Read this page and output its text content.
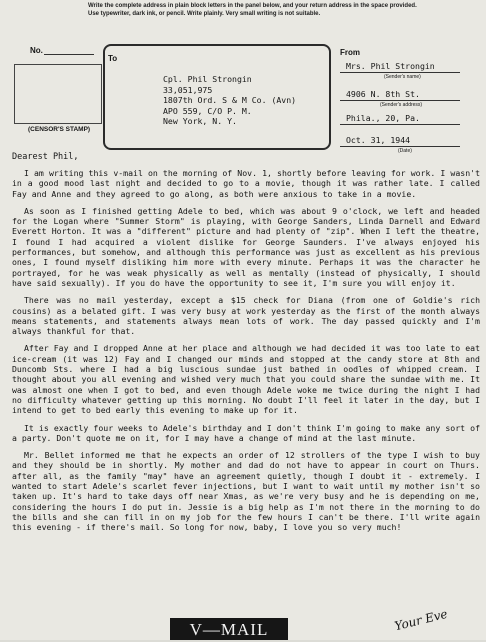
Write the complete address in plain block letters in the panel below, and your return address in the space provided. Use typewriter, dark ink, or pencil. Write plainly. Very small writing is not suitable.
No.
(CENSOR'S STAMP)
To
Cpl. Phil Strongin
33,051,975
1807th Ord. S & M Co. (Avn)
APO 559, C/O P. M.
New York, N. Y.
From
Mrs. Phil Strongin
(Sender's name)
4906 N. 8th St.
(Sender's address)
Phila., 20, Pa.
Oct. 31, 1944
(Date)
Dearest Phil,

I am writing this v-mail on the morning of Nov. 1, shortly before leaving for work. I wasn't in a good mood last night and decided to go to a movie, though it was rather late. I called Fay and Anne and they agreed to go along, as both were anxious to take in a movie.

As soon as I finished getting Adele to bed, which was about 9 o'clock, we left and headed for the Logan where "Summer Storm" is playing, with George Sanders, Linda Darnell and Edward Everett Horton. It was a "different" picture and had plenty of "zip". When I left the theatre, I found I had acquired a violent dislike for George Saunders. I've always enjoyed his performances, but somehow, and although this performance was just as excellent as his previous ones, I found myself disliking him more with every minute. Perhaps it was the character he portrayed, for he was weak physically as well as mentally (instead of physically, I should have said sexually). If you do have the opportunity to see it, I'm sure you will enjoy it.

There was no mail yesterday, except a $15 check for Diana (from one of Goldie's rich cousins) as a belated gift. I was very busy at work yesterday as the first of the month always means statements, and statements always mean lots of work. The day passed quickly and I'm always thankful for that.

After Fay and I dropped Anne at her place and although we had decided it was too late to eat ice-cream (it was 12) Fay and I changed our minds and stopped at the candy store at 8th and Duncomb Sts. where I had a big luscious sundae just bathed in oodles of whipped cream. I thought about you all evening and wished very much that you could share the sundae with me. It was almost one when I got to bed, and even though Adele woke me twice during the night I had no difficulty whatever getting up this morning. No doubt I'll feel it later in the day, but I intend to get to bed early this evening to make up for it.

It is exactly four weeks to Adele's birthday and I don't think I'm going to make any sort of a party. Don't quote me on it, for I may have a change of mind at the last minute.

Mr. Bellet informed me that he expects an order of 12 strollers of the type I wish to buy and they should be in shortly. My mother and dad do not have to appear in court on Thurs. after all, as the family "may" have an agreement quietly, though I doubt it - extremely. I wanted to start Adele's scarlet fever injections, but I want to wait until my mother isn't so taken up. It's hard to take days off near Xmas, as we're very busy and he is depending on me, considering the hours I do put in. Jessie is a big help as I'm not there in the morning to do the bills and she can fill in on my job for the few hours I can't be there. I'll write again this evening - if there's mail. So long for now, baby, I love you so very much!

V—MAIL	Your Eve
